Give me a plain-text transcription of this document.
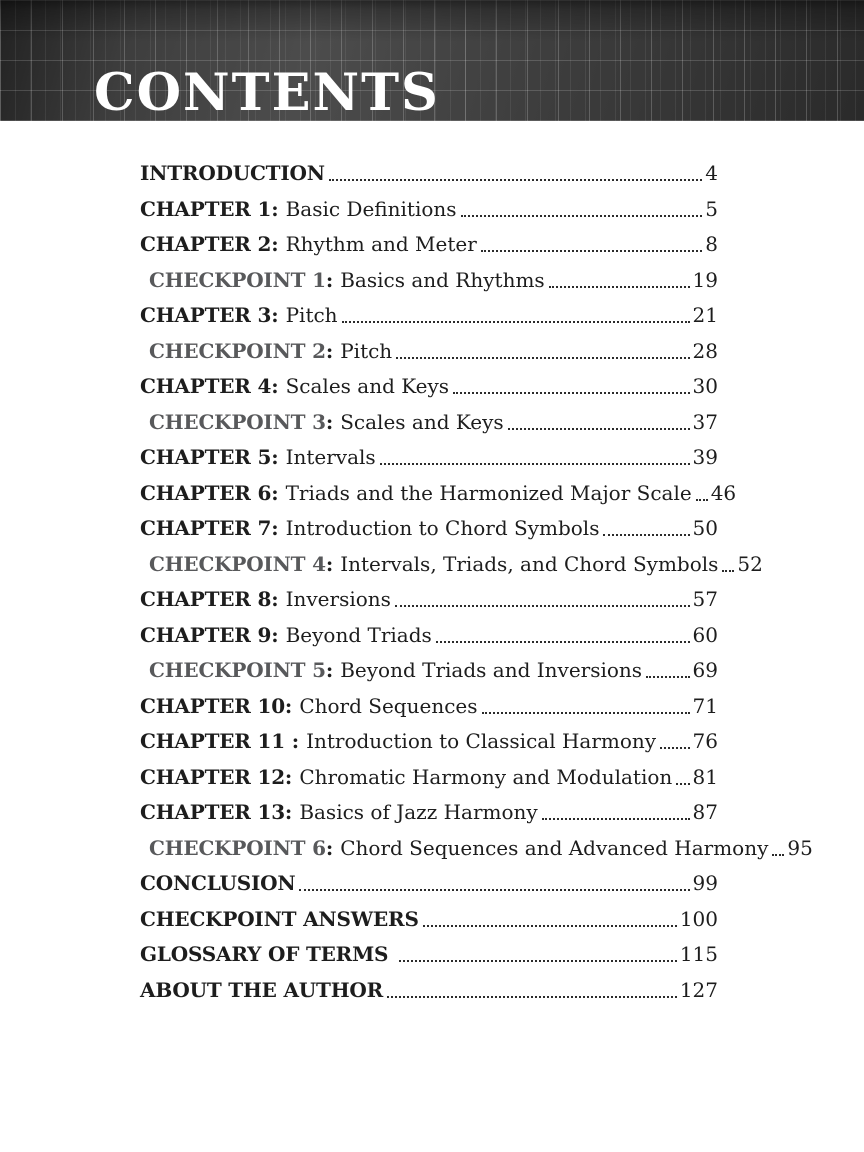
CONTENTS
INTRODUCTION	4
CHAPTER 1 : Basic Definitions	5
CHAPTER 2 : Rhythm and Meter	8
CHECKPOINT 1 : Basics and Rhythms	19
CHAPTER 3 : Pitch	21
CHECKPOINT 2 : Pitch	28
CHAPTER 4 : Scales and Keys	30
CHECKPOINT 3 : Scales and Keys	37
CHAPTER 5 : Intervals	39
CHAPTER 6 : Triads and the Harmonized Major Scale 46
CHAPTER 7 : Introduction to Chord Symbols	50
CHECKPOINT 4 : Intervals, Triads, and Chord Symbols 52
CHAPTER 8 : Inversions	57
CHAPTER 9 : Beyond Triads	60
CHECKPOINT 5 : Beyond Triads and Inversions	69
CHAPTER 10 : Chord Sequences	71
CHAPTER 11 : Introduction to Classical Harmony 76
CHAPTER 12 : Chromatic Harmony and Modulation 81
CHAPTER 13 : Basics of Jazz Harmony	87
CHECKPOINT 6 : Chord Sequences and Advanced Harmony 95
CONCLUSION	99
CHECKPOINT ANSWERS	100
GLOSSARY OF TERMS	115
ABOUT THE AUTHOR	127
